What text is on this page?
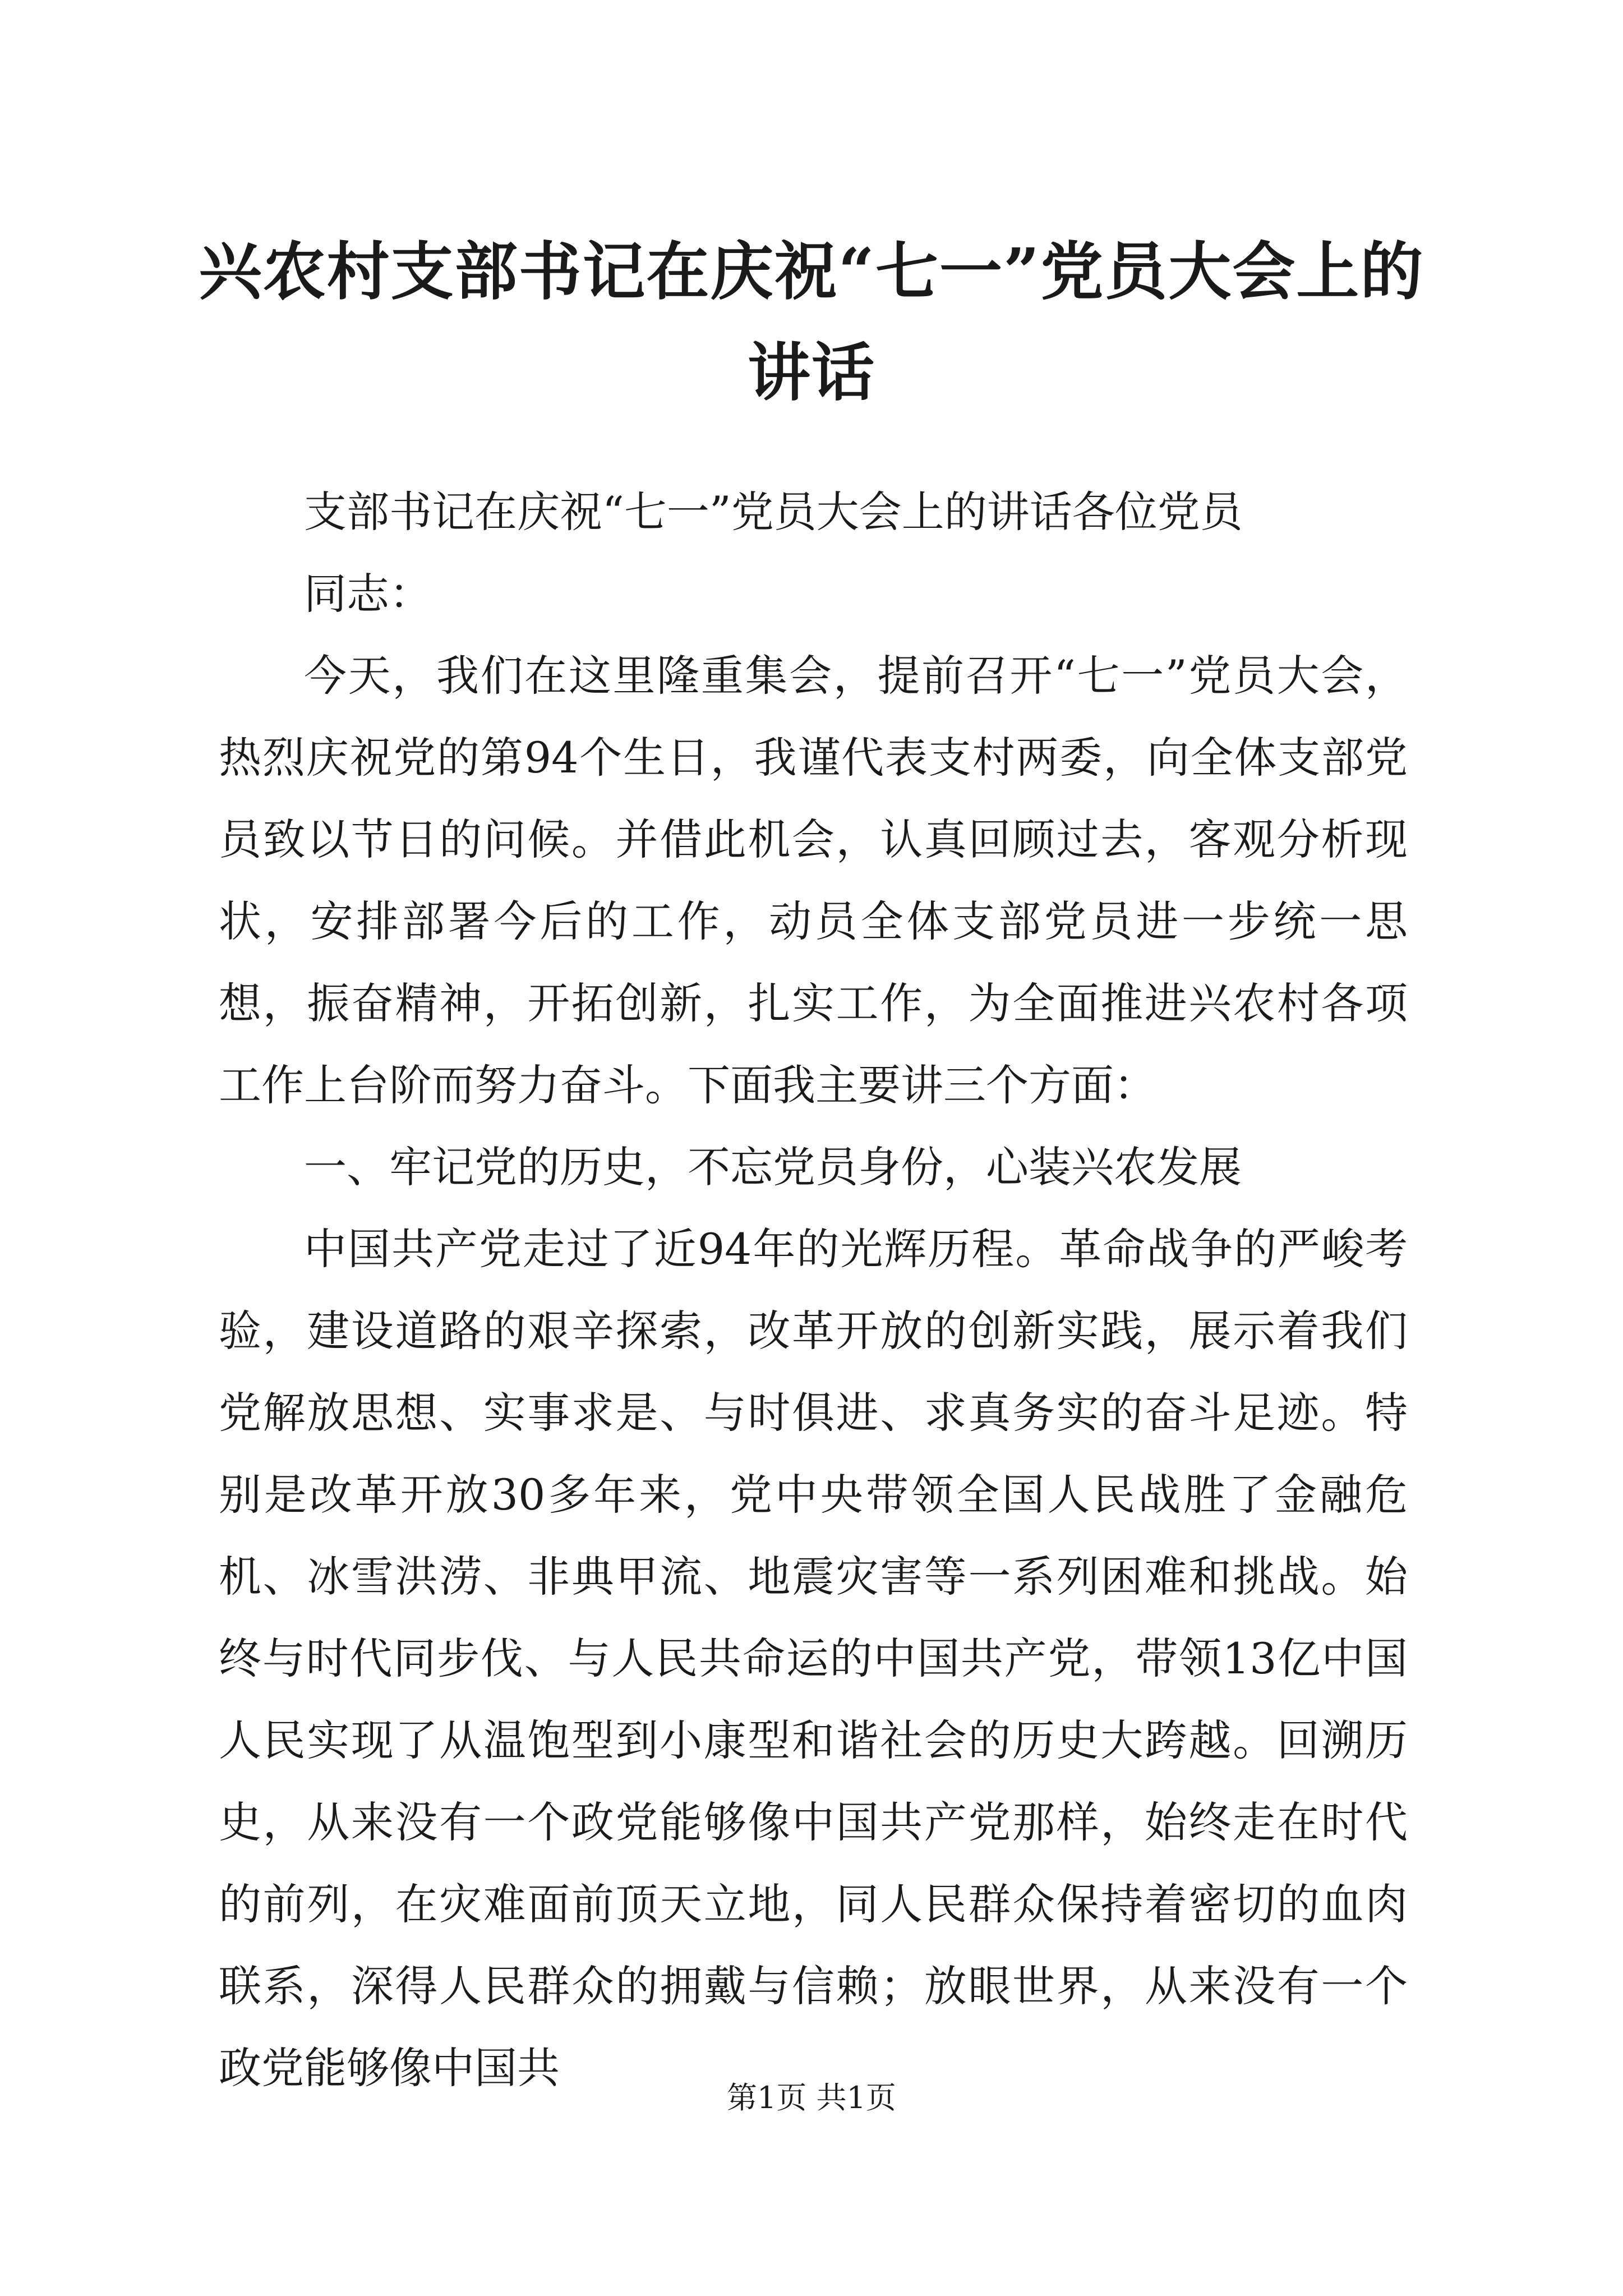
兴农村支部书记在庆祝“七一”党员大会上的
讲话

支部书记在庆祝“七一”党员大会上的讲话各位党员

同志：

今天，我们在这里隆重集会，提前召开“七一”党员大会，热烈庆祝党的第94个生日，我谨代表支村两委，向全体支部党员致以节日的问候。并借此机会，认真回顾过去，客观分析现状，安排部署今后的工作，动员全体支部党员进一步统一思想，振奋精神，开拓创新，扎实工作，为全面推进兴农村各项工作上台阶而努力奋斗。下面我主要讲三个方面：

一、牢记党的历史，不忘党员身份，心装兴农发展

中国共产党走过了近94年的光辉历程。革命战争的严峻考验，建设道路的艰辛探索，改革开放的创新实践，展示着我们党解放思想、实事求是、与时俱进、求真务实的奋斗足迹。特别是改革开放30多年来，党中央带领全国人民战胜了金融危机、冰雪洪涝、非典甲流、地震灾害等一系列困难和挑战。始终与时代同步伐、与人民共命运的中国共产党，带领13亿中国人民实现了从温饱型到小康型和谐社会的历史大跨越。回溯历史，从来没有一个政党能够像中国共产党那样，始终走在时代的前列，在灾难面前顶天立地，同人民群众保持着密切的血肉联系，深得人民群众的拥戴与信赖；放眼世界，从来没有一个政党能够像中国共

第1页 共1页
